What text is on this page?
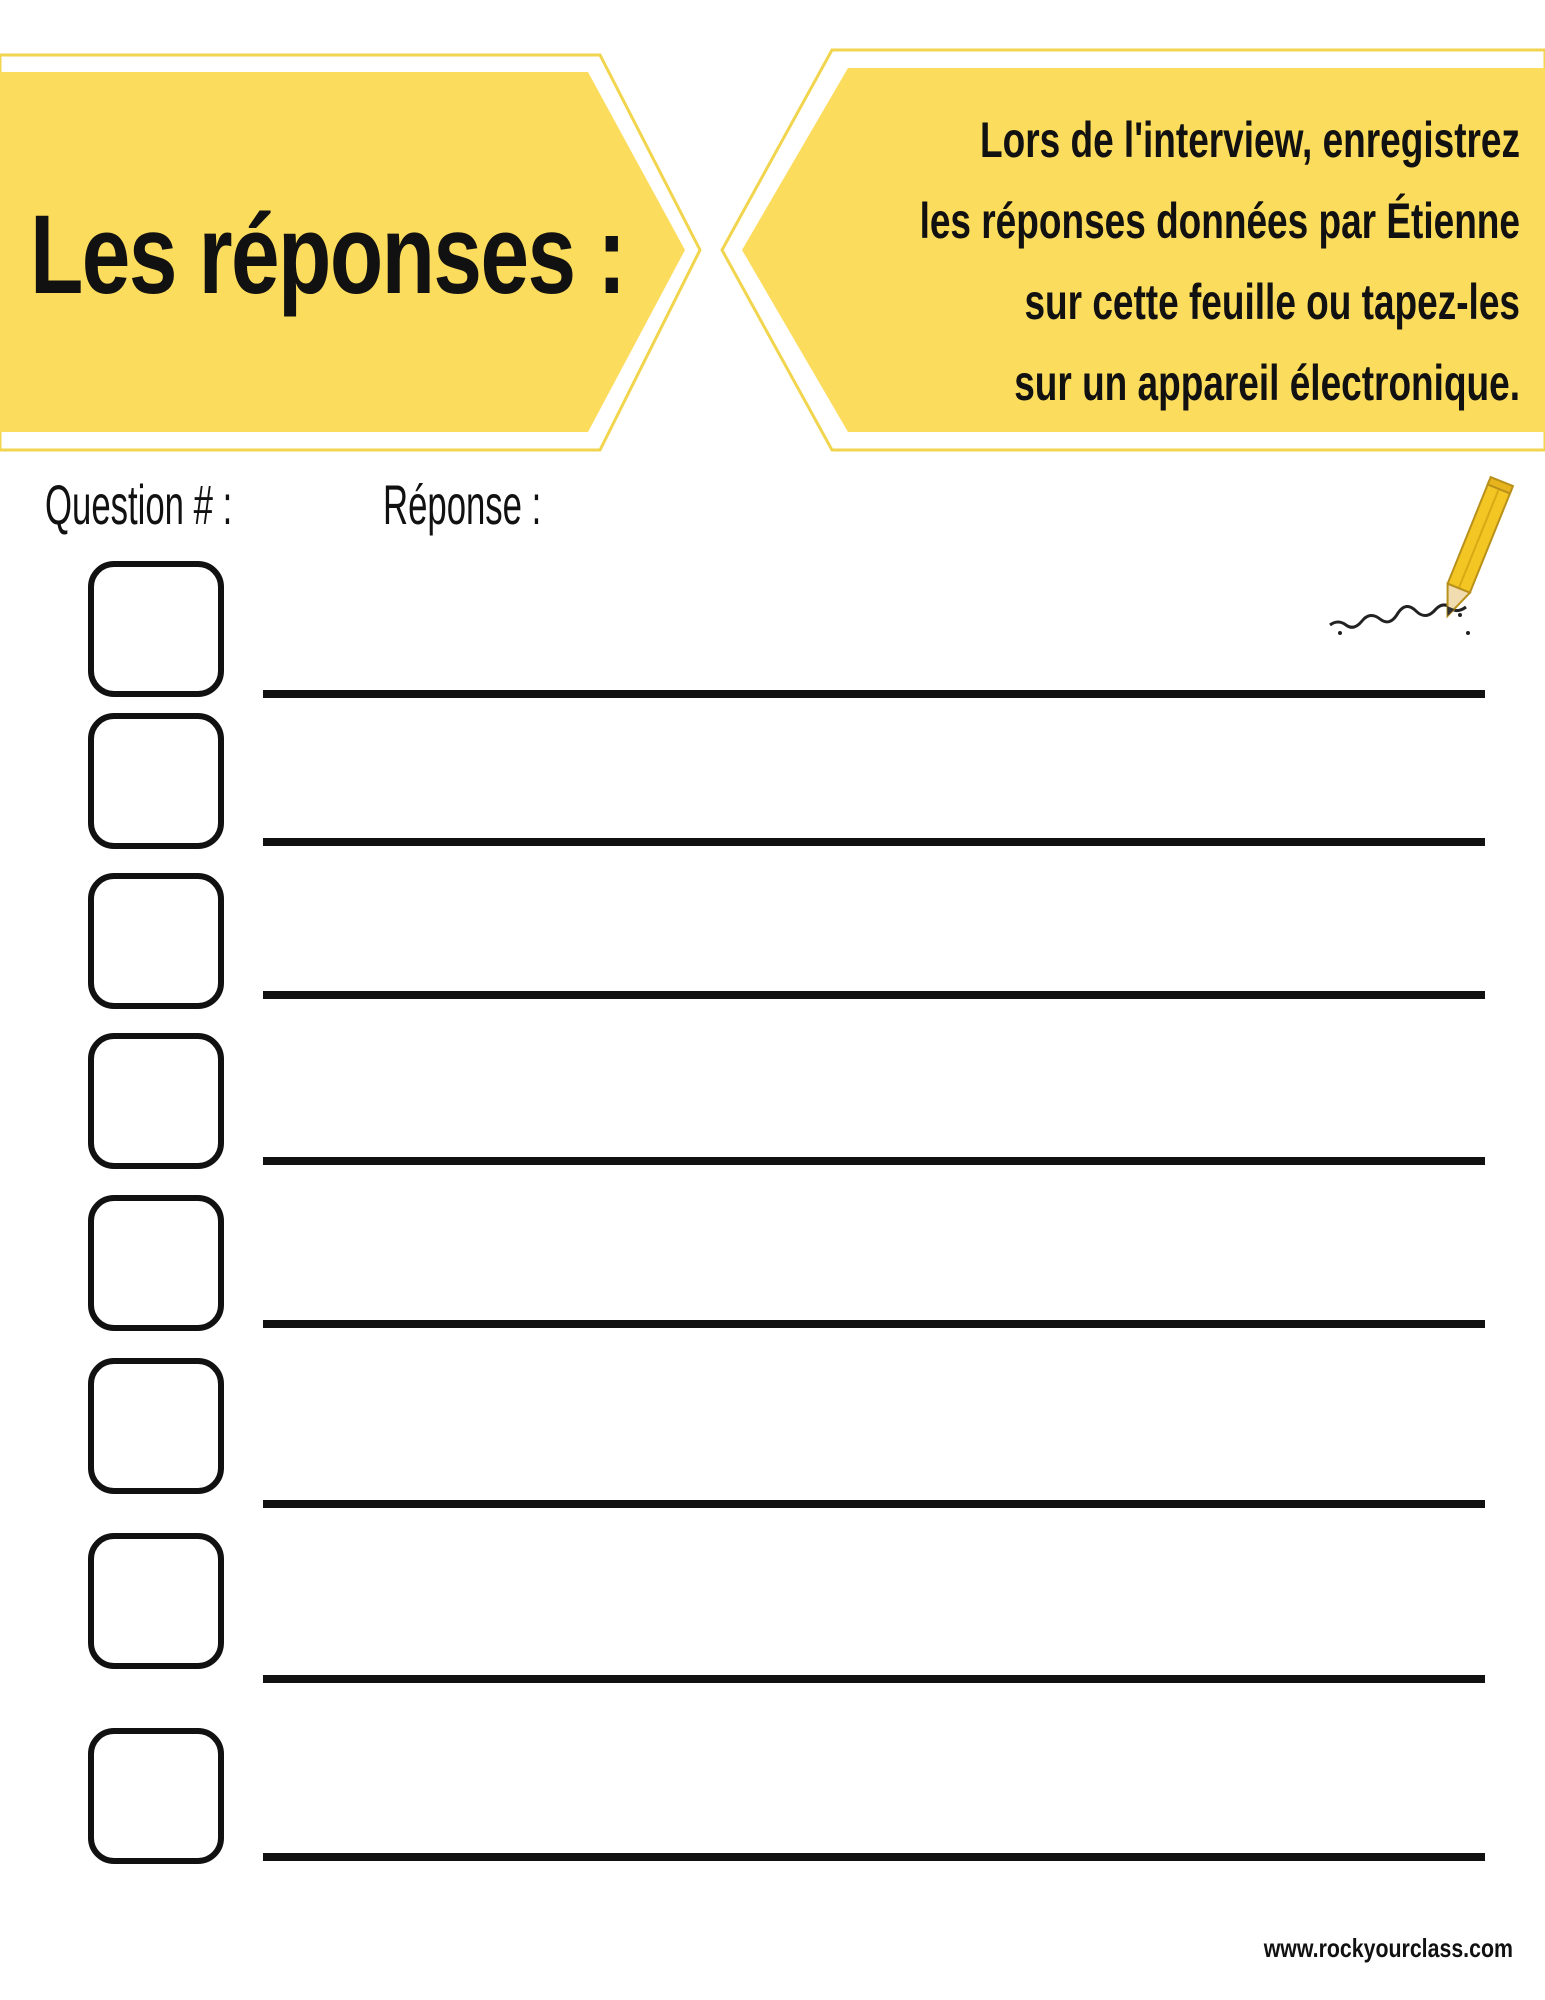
Les réponses :
Lors de l'interview, enregistrez
les réponses données par Étienne
sur cette feuille ou tapez-les
sur un appareil électronique.
Question # :	Réponse :
www.rockyourclass.com
